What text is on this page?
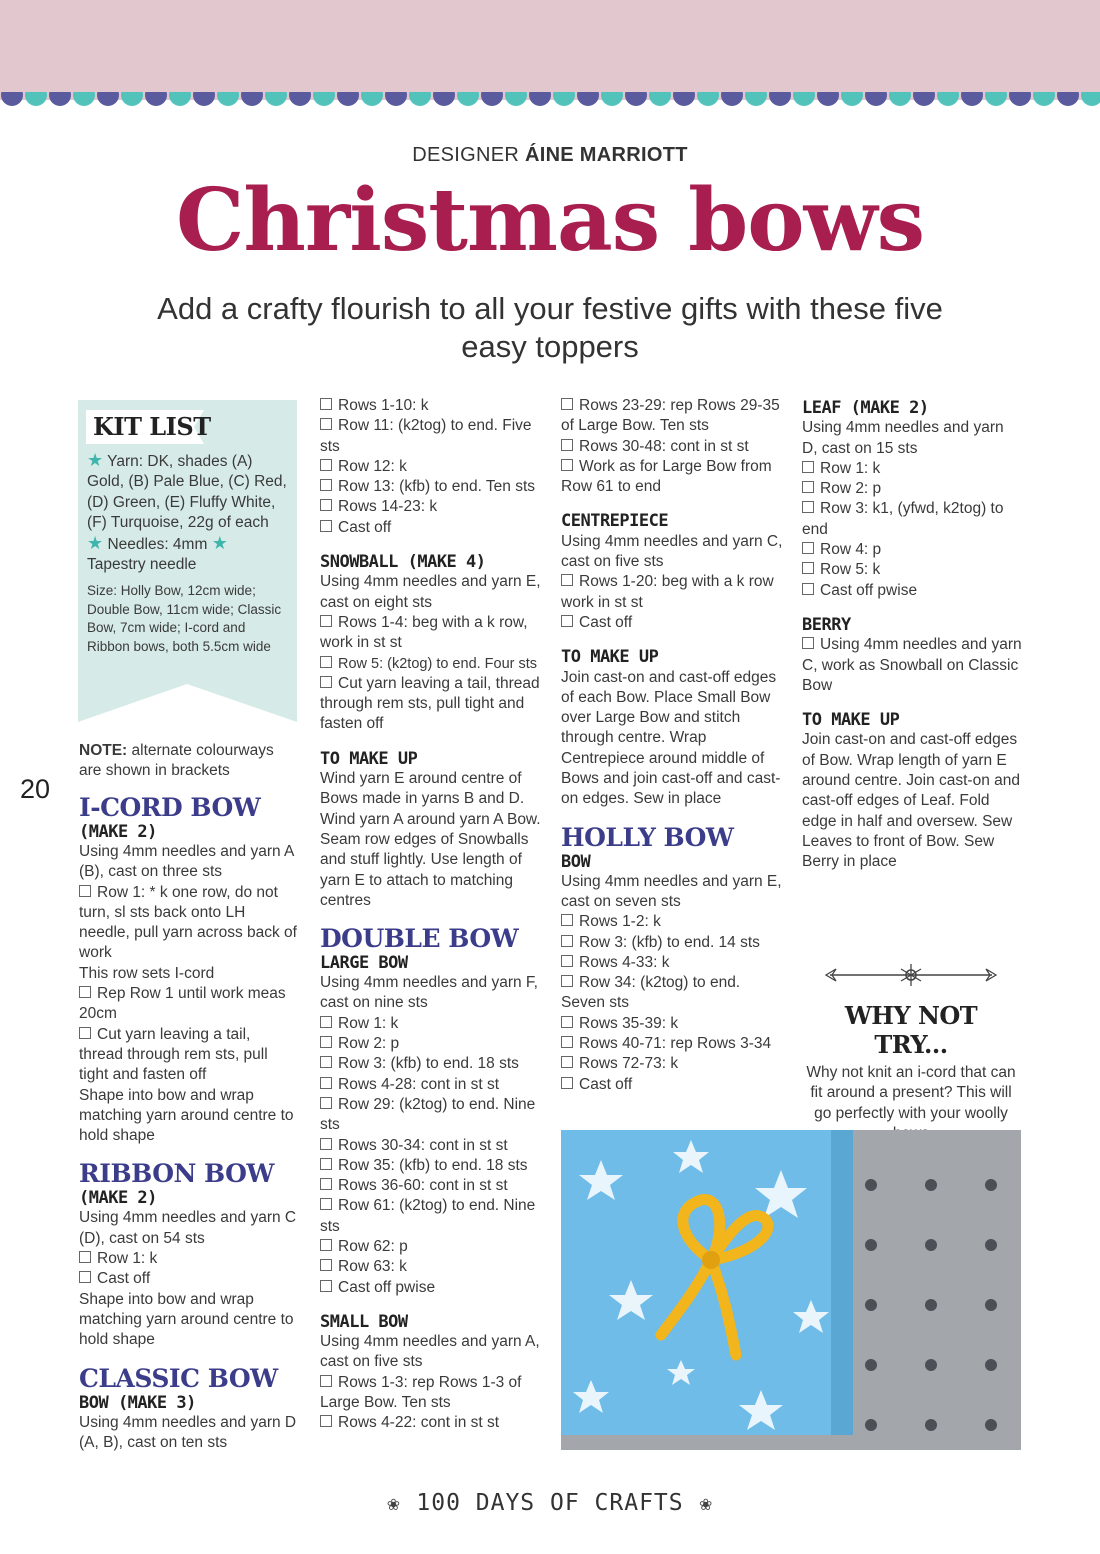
DESIGNER ÁINE MARRIOTT
Christmas bows
Add a crafty flourish to all your festive gifts with these five easy toppers
KIT LIST
★ Yarn: DK, shades (A) Gold, (B) Pale Blue, (C) Red, (D) Green, (E) Fluffy White, (F) Turquoise, 22g of each ★ Needles: 4mm ★ Tapestry needle
Size: Holly Bow, 12cm wide; Double Bow, 11cm wide; Classic Bow, 7cm wide; I-cord and Ribbon bows, both 5.5cm wide
NOTE: alternate colourways are shown in brackets
20

I-CORD BOW

(MAKE 2)

Using 4mm needles and yarn A (B), cast on three sts

Row 1: * k one row, do not turn, sl sts back onto LH needle, pull yarn across back of work

This row sets I-cord

Rep Row 1 until work meas 20cm

Cut yarn leaving a tail, thread through rem sts, pull tight and fasten off

Shape into bow and wrap matching yarn around centre to hold shape

RIBBON BOW

(MAKE 2)

Using 4mm needles and yarn C (D), cast on 54 sts

Row 1: k

Cast off

Shape into bow and wrap matching yarn around centre to hold shape

CLASSIC BOW

BOW (MAKE 3)

Using 4mm needles and yarn D (A, B), cast on ten sts

Rows 1-10: k

Row 11: (k2tog) to end. Five sts

Row 12: k

Row 13: (kfb) to end. Ten sts

Rows 14-23: k

Cast off

SNOWBALL (MAKE 4)

Using 4mm needles and yarn E, cast on eight sts

Rows 1-4: beg with a k row, work in st st

Row 5: (k2tog) to end. Four sts

Cut yarn leaving a tail, thread through rem sts, pull tight and fasten off

TO MAKE UP

Wind yarn E around centre of Bows made in yarns B and D. Wind yarn A around yarn A Bow. Seam row edges of Snowballs and stuff lightly. Use length of yarn E to attach to matching centres

DOUBLE BOW

LARGE BOW

Using 4mm needles and yarn F, cast on nine sts

Row 1: k

Row 2: p

Row 3: (kfb) to end. 18 sts

Rows 4-28: cont in st st

Row 29: (k2tog) to end. Nine sts

Rows 30-34: cont in st st

Row 35: (kfb) to end. 18 sts

Rows 36-60: cont in st st

Row 61: (k2tog) to end. Nine sts

Row 62: p

Row 63: k

Cast off pwise

SMALL BOW

Using 4mm needles and yarn A, cast on five sts

Rows 1-3: rep Rows 1-3 of Large Bow. Ten sts

Rows 4-22: cont in st st

Rows 23-29: rep Rows 29-35 of Large Bow. Ten sts

Rows 30-48: cont in st st

Work as for Large Bow from Row 61 to end

CENTREPIECE

Using 4mm needles and yarn C, cast on five sts

Rows 1-20: beg with a k row work in st st

Cast off

TO MAKE UP

Join cast-on and cast-off edges of each Bow. Place Small Bow over Large Bow and stitch through centre. Wrap Centrepiece around middle of Bows and join cast-off and cast-on edges. Sew in place

HOLLY BOW

BOW

Using 4mm needles and yarn E, cast on seven sts

Rows 1-2: k

Row 3: (kfb) to end. 14 sts

Rows 4-33: k

Row 34: (k2tog) to end. Seven sts

Rows 35-39: k

Rows 40-71: rep Rows 3-34

Rows 72-73: k

Cast off

LEAF (MAKE 2)

Using 4mm needles and yarn D, cast on 15 sts

Row 1: k

Row 2: p

Row 3: k1, (yfwd, k2tog) to end

Row 4: p

Row 5: k

Cast off pwise

BERRY

Using 4mm needles and yarn C, work as Snowball on Classic Bow

TO MAKE UP

Join cast-on and cast-off edges of Bow. Wrap length of yarn E around centre. Join cast-on and cast-off edges of Leaf. Fold edge in half and oversew. Sew Leaves to front of Bow. Sew Berry in place

WHY NOT TRY...
Why not knit an i-cord that can fit around a present? This will go perfectly with your woolly
❀ 100 DAYS OF CRAFTS ❀
